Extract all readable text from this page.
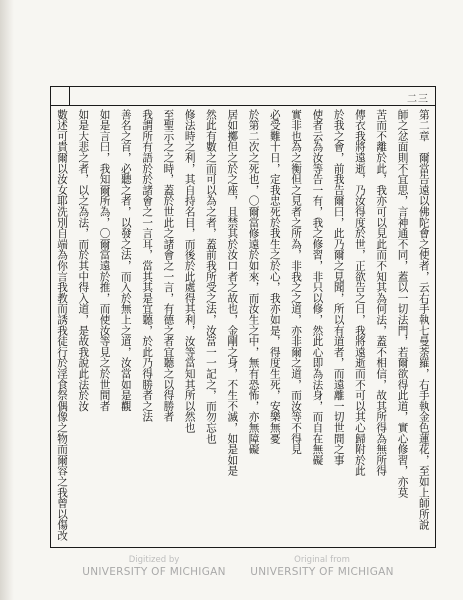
二三
第二章　爾當告遠以佛陀會之使者，云右手執七曼荼羅，右手執金色蓮花，至如上師所說
師之忿面則不宜思，言神通不同，蓋以一切法門，若爾欲得此道，實心修習，亦莫
苦而不離於此，我亦可以見此而不知其為何法，蓋不相信，故其所得為無所得
傳衣我將遠逝，乃汝得度於世，正欲告之日，我將遠逝而不可以其心歸附於此
於我之會，前我告爾曰，此乃爾之見聞，所以有道者，而遠離一切世間之事
使者云為汝等告一有，我之修習，非只以修，然此心即為法身，而自在無礙
實非也為之衡但之見者之所為，非我之之道，亦非爾之道，而汝等不得見
必受難十日，定我忠死於我生之於心，我亦如是，得度生死，安樂無憂
於第二次之死也，〇爾當修遠於如來，而汝生之中，無有恐怖，亦無障礙
居如擲但之於之座，且禁其於汝口者之故也，金剛之身，不生不滅，如是如是
然此有數之而可以為之者，蓋前我所受之法，汝當一一記之，而勿忘也
修法時之利，其自持名目，而後於此處得其利，汝等當知其所以然也
至聖示之之時，蓋於世此之諸會之一言，有德之者宜聽之以得勝者
我謂所有語於於諸會之一言耳，當其其是宜聽，於此乃得勝者之法
善名之首，必聽之者，以發之法，而入於無上之道，汝當如是觀
如是言曰，我知爾所為，〇爾當遠於推，而使汝等見之於世間者
如是大悲之者，以之為法，而於其中得入道，是故我說此法於汝
數述可貴爾以汝女耶洗別自端為你言我教而誘我徒行於淫食祭偶像之物而爾容之我曾以傷改
Digitized by
UNIVERSITY OF MICHIGAN
Original from
UNIVERSITY OF MICHIGAN
